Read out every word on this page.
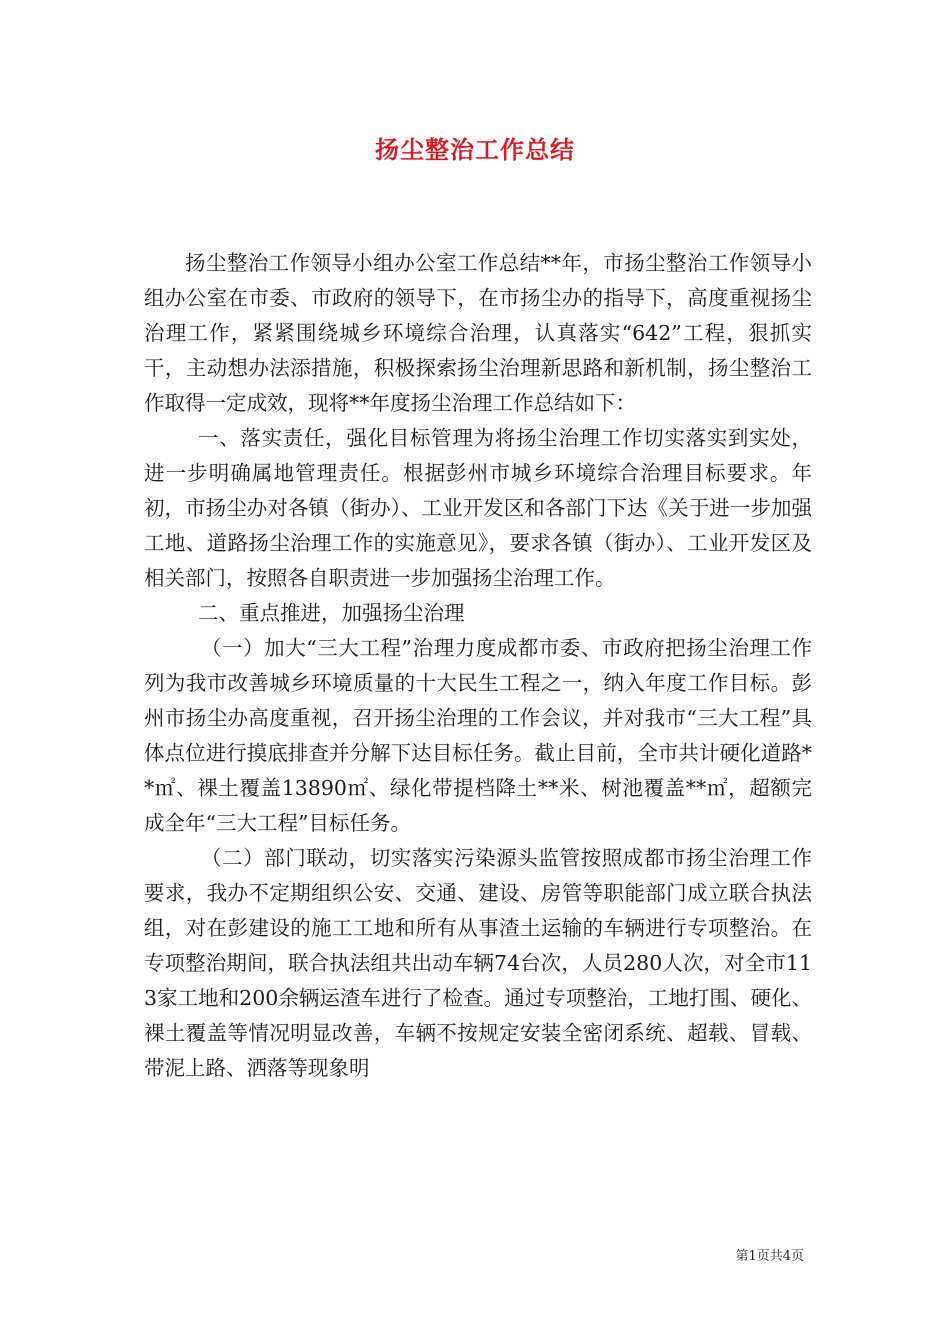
扬尘整治工作总结

扬尘整治工作领导小组办公室工作总结**年，市扬尘整治工作领导小组办公室在市委、市政府的领导下，在市扬尘办的指导下，高度重视扬尘治理工作，紧紧围绕城乡环境综合治理，认真落实“642”工程，狠抓实干，主动想办法添措施，积极探索扬尘治理新思路和新机制，扬尘整治工作取得一定成效，现将**年度扬尘治理工作总结如下：

一、落实责任，强化目标管理为将扬尘治理工作切实落实到实处，进一步明确属地管理责任。根据彭州市城乡环境综合治理目标要求。年初，市扬尘办对各镇（街办）、工业开发区和各部门下达《关于进一步加强工地、道路扬尘治理工作的实施意见》，要求各镇（街办）、工业开发区及相关部门，按照各自职责进一步加强扬尘治理工作。

二、重点推进，加强扬尘治理

（一）加大“三大工程”治理力度成都市委、市政府把扬尘治理工作列为我市改善城乡环境质量的十大民生工程之一，纳入年度工作目标。彭州市扬尘办高度重视，召开扬尘治理的工作会议，并对我市“三大工程”具体点位进行摸底排查并分解下达目标任务。截止目前，全市共计硬化道路**㎡、裸土覆盖13890㎡、绿化带提档降土**米、树池覆盖**㎡，超额完成全年“三大工程”目标任务。

（二）部门联动，切实落实污染源头监管按照成都市扬尘治理工作要求，我办不定期组织公安、交通、建设、房管等职能部门成立联合执法组，对在彭建设的施工工地和所有从事渣土运输的车辆进行专项整治。在专项整治期间，联合执法组共出动车辆74台次，人员280人次，对全市113家工地和200余辆运渣车进行了检查。通过专项整治，工地打围、硬化、裸土覆盖等情况明显改善，车辆不按规定安装全密闭系统、超载、冒载、带泥上路、洒落等现象明

第1页共4页
